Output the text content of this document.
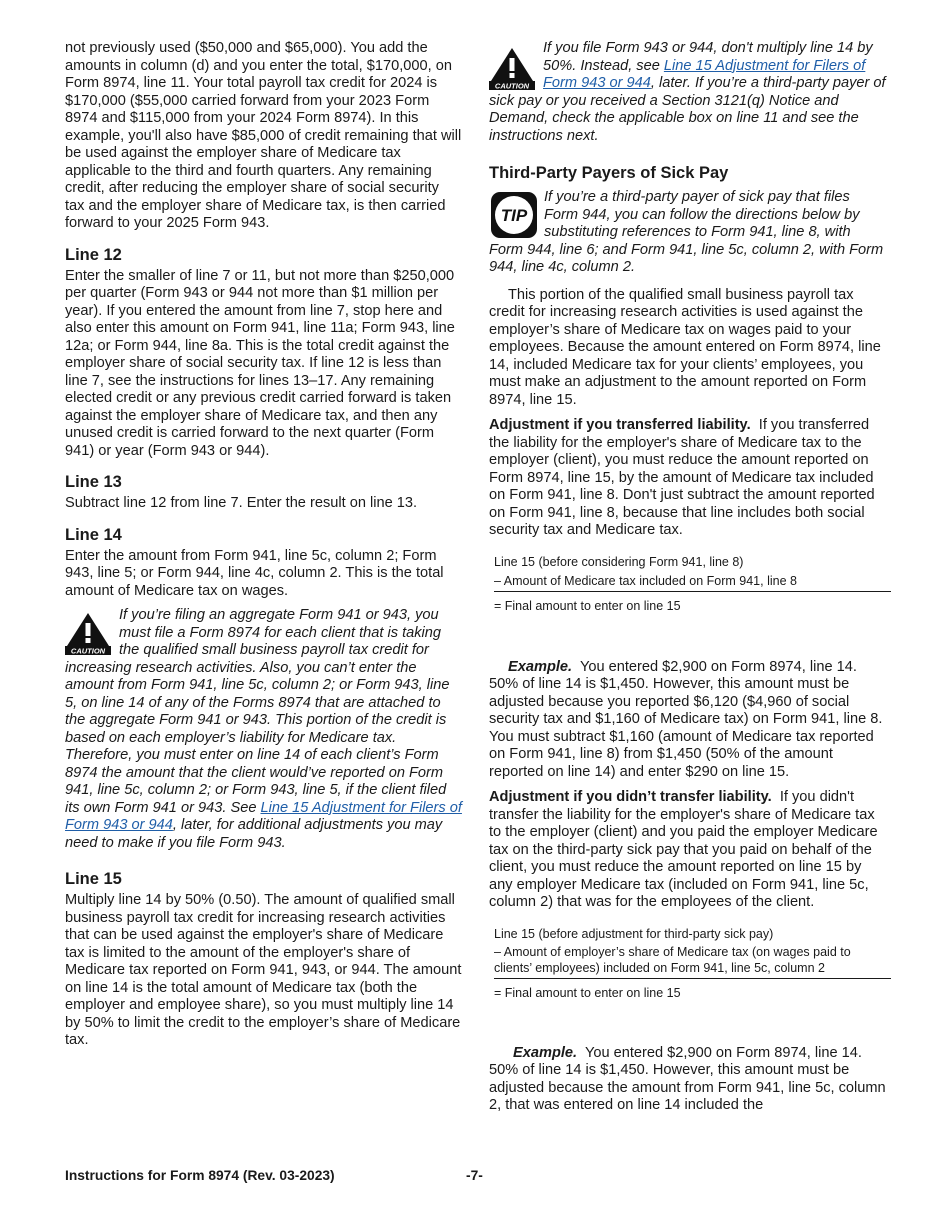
not previously used ($50,000 and $65,000). You add the amounts in column (d) and you enter the total, $170,000, on Form 8974, line 11. Your total payroll tax credit for 2024 is $170,000 ($55,000 carried forward from your 2023 Form 8974 and $115,000 from your 2024 Form 8974). In this example, you'll also have $85,000 of credit remaining that will be used against the employer share of Medicare tax applicable to the third and fourth quarters. Any remaining credit, after reducing the employer share of social security tax and the employer share of Medicare tax, is then carried forward to your 2025 Form 943.

Line 12

Enter the smaller of line 7 or 11, but not more than $250,000 per quarter (Form 943 or 944 not more than $1 million per year). If you entered the amount from line 7, stop here and also enter this amount on Form 941, line 11a; Form 943, line 12a; or Form 944, line 8a. This is the total credit against the employer share of social security tax. If line 12 is less than line 7, see the instructions for lines 13–17. Any remaining elected credit or any previous credit carried forward is taken against the employer share of Medicare tax, and then any unused credit is carried forward to the next quarter (Form 941) or year (Form 943 or 944).

Line 13

Subtract line 12 from line 7. Enter the result on line 13.

Line 14

Enter the amount from Form 941, line 5c, column 2; Form 943, line 5; or Form 944, line 4c, column 2. This is the total amount of Medicare tax on wages.

CAUTION
If you’re filing an aggregate Form 941 or 943, you must file a Form 8974 for each client that is taking the qualified small business payroll tax credit for increasing research activities. Also, you can’t enter the amount from Form 941, line 5c, column 2; or Form 943, line 5, on line 14 of any of the Forms 8974 that are attached to the aggregate Form 941 or 943. This portion of the credit is based on each employer’s liability for Medicare tax. Therefore, you must enter on line 14 of each client’s Form 8974 the amount that the client would’ve reported on Form 941, line 5c, column 2; or Form 943, line 5, if the client filed its own Form 941 or 943. See Line 15 Adjustment for Filers of Form 943 or 944, later, for additional adjustments you may need to make if you file Form 943.
Line 15

Multiply line 14 by 50% (0.50). The amount of qualified small business payroll tax credit for increasing research activities that can be used against the employer's share of Medicare tax is limited to the amount of the employer's share of Medicare tax reported on Form 941, 943, or 944. The amount on line 14 is the total amount of Medicare tax (both the employer and employee share), so you must multiply line 14 by 50% to limit the credit to the employer’s share of Medicare tax.

CAUTION
If you file Form 943 or 944, don't multiply line 14 by 50%. Instead, see Line 15 Adjustment for Filers of Form 943 or 944, later. If you’re a third-party payer of sick pay or you received a Section 3121(q) Notice and Demand, check the applicable box on line 11 and see the instructions next.
Third-Party Payers of Sick Pay
TIP
If you’re a third-party payer of sick pay that files Form 944, you can follow the directions below by substituting references to Form 941, line 8, with Form 944, line 6; and Form 941, line 5c, column 2, with Form 944, line 4c, column 2.

This portion of the qualified small business payroll tax credit for increasing research activities is used against the employer’s share of Medicare tax on wages paid to your employees. Because the amount entered on Form 8974, line 14, included Medicare tax for your clients’ employees, you must make an adjustment to the amount reported on Form 8974, line 15.

Adjustment if you transferred liability. If you transferred the liability for the employer's share of Medicare tax to the employer (client), you must reduce the amount reported on Form 8974, line 15, by the amount of Medicare tax included on Form 941, line 8. Don't just subtract the amount reported on Form 941, line 8, because that line includes both social security tax and Medicare tax.

Line 15 (before considering Form 941, line 8)
– Amount of Medicare tax included on Form 941, line 8
= Final amount to enter on line 15

Example. You entered $2,900 on Form 8974, line 14. 50% of line 14 is $1,450. However, this amount must be adjusted because you reported $6,120 ($4,960 of social security tax and $1,160 of Medicare tax) on Form 941, line 8. You must subtract $1,160 (amount of Medicare tax reported on Form 941, line 8) from $1,450 (50% of the amount reported on line 14) and enter $290 on line 15.

Adjustment if you didn’t transfer liability. If you didn't transfer the liability for the employer's share of Medicare tax to the employer (client) and you paid the employer Medicare tax on the third-party sick pay that you paid on behalf of the client, you must reduce the amount reported on line 15 by any employer Medicare tax (included on Form 941, line 5c, column 2) that was for the employees of the client.

Line 15 (before adjustment for third-party sick pay)
– Amount of employer’s share of Medicare tax (on wages paid to clients’ employees) included on Form 941, line 5c, column 2
= Final amount to enter on line 15

Example. You entered $2,900 on Form 8974, line 14. 50% of line 14 is $1,450. However, this amount must be adjusted because the amount from Form 941, line 5c, column 2, that was entered on line 14 included the

Instructions for Form 8974 (Rev. 03-2023)	-7-
